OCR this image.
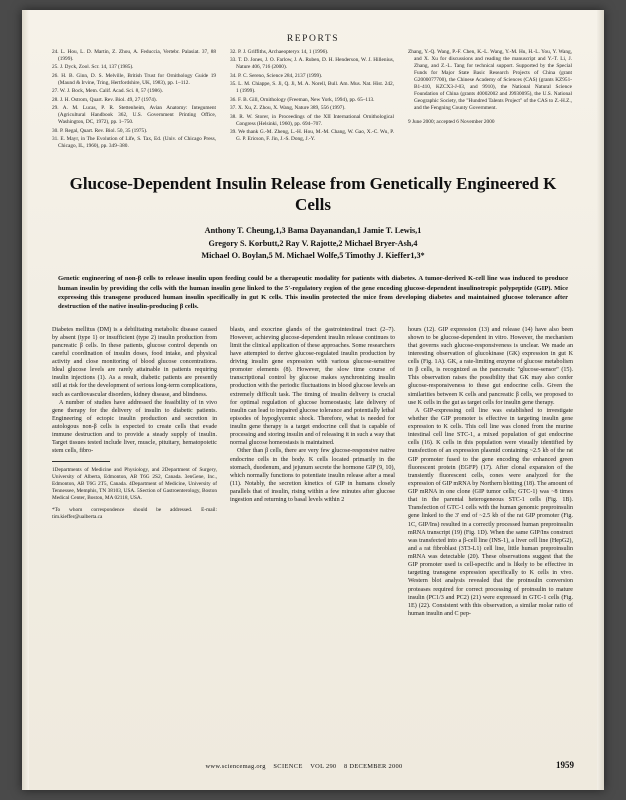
REPORTS

24. L. Hou, L. D. Martin, Z. Zhou, A. Feduccia, Vertebr. Palasiat. 37, 88 (1999).

25. J. Dyck, Zool. Scr. 14, 137 (1985).

26. H. B. Ginn, D. S. Melville, British Trust for Ornithology Guide 19 (Maund & Irvine, Tring, Hertfordshire, UK, 1983), pp. 1–112.

27. W. J. Bock, Mem. Calif. Acad. Sci. 8, 57 (1986).

28. J. H. Ostrom, Quart. Rev. Biol. 49, 27 (1974).

29. A. M. Lucas, P. R. Stettenheim, Avian Anatomy: Integument (Agricultural Handbook 362, U.S. Government Printing Office, Washington, DC, 1972), pp. 1–750.

30. P. Regal, Quart. Rev. Biol. 50, 35 (1975).

31. E. Mayr, in The Evolution of Life, S. Tax, Ed. (Univ. of Chicago Press, Chicago, IL, 1960), pp. 349–380.

32. P. J. Griffiths, Archaeopteryx 14, 1 (1996).

33. T. D. Jones, J. O. Farlow, J. A. Ruben, D. H. Henderson, W. J. Hillenius, Nature 406, 716 (2000).

34. P. C. Sereno, Science 284, 2137 (1999).

35. L. M. Chiappe, S. Ji, Q. Ji, M. A. Norell, Bull. Am. Mus. Nat. Hist. 242, 1 (1999).

36. F. B. Gill, Ornithology (Freeman, New York, 1994), pp. 65–113.

37. X. Xu, Z. Zhou, X. Wang, Nature 389, 556 (1997).

38. R. W. Storer, in Proceedings of the XII International Ornithological Congress (Helsinki, 1960), pp. 694–707.

39. We thank G.-M. Zheng, L.-H. Hou, M.-M. Chang, W. Gao, X.-C. Wu, P. G. P. Ericson, F. Jin, J.-S. Dong, J.-Y.

Zhang, Y.-Q. Wang, P.-F. Chen, K.-L. Wang, Y.-M. Hu, H.-L. You, Y. Wang, and X. Xu for discussions and reading the manuscript and Y.-T. Li, J. Zhang, and Z.-L. Tang for technical support. Supported by the Special Funds for Major State Basic Research Projects of China (grant G2000077700), the Chinese Academy of Sciences (CAS) (grants KZ951-B1-410, KZCX3-J-03, and 9910), the National Natural Science Foundation of China (grants 40002002 and J9930095), the U.S. National Geographic Society, the "Hundred Talents Project" of the CAS to Z.-H.Z., and the Fengning County Government.

9 June 2000; accepted 6 November 2000

Glucose-Dependent Insulin Release from Genetically Engineered K Cells
Anthony T. Cheung,1,3 Bama Dayanandan,1 Jamie T. Lewis,1
Gregory S. Korbutt,2 Ray V. Rajotte,2 Michael Bryer-Ash,4
Michael O. Boylan,5 M. Michael Wolfe,5 Timothy J. Kieffer1,3*
Genetic engineering of non-β cells to release insulin upon feeding could be a therapeutic modality for patients with diabetes. A tumor-derived K-cell line was induced to produce human insulin by providing the cells with the human insulin gene linked to the 5′-regulatory region of the gene encoding glucose-dependent insulinotropic polypeptide (GIP). Mice expressing this transgene produced human insulin specifically in gut K cells. This insulin protected the mice from developing diabetes and maintained glucose tolerance after destruction of the native insulin-producing β cells.

Diabetes mellitus (DM) is a debilitating metabolic disease caused by absent (type 1) or insufficient (type 2) insulin production from pancreatic β cells. In these patients, glucose control depends on careful coordination of insulin doses, food intake, and physical activity and close monitoring of blood glucose concentrations. Ideal glucose levels are rarely attainable in patients requiring insulin injections (1). As a result, diabetic patients are presently still at risk for the development of serious long-term complications, such as cardiovascular disorders, kidney disease, and blindness.

A number of studies have addressed the feasibility of in vivo gene therapy for the delivery of insulin to diabetic patients. Engineering of ectopic insulin production and secretion in autologous non-β cells is expected to create cells that evade immune destruction and to provide a steady supply of insulin. Target tissues tested include liver, muscle, pituitary, hematopoietic stem cells, fibro-

1Departments of Medicine and Physiology, and 2Department of Surgery, University of Alberta, Edmonton, AB T6G 2S2, Canada. 3enGene, Inc., Edmonton, AB T6G 2T5, Canada. 4Department of Medicine, University of Tennessee, Memphis, TN 38103, USA. 5Section of Gastroenterology, Boston Medical Center, Boston, MA 02118, USA.
*To whom correspondence should be addressed. E-mail: tim.kieffer@ualberta.ca

blasts, and exocrine glands of the gastrointestinal tract (2–7). However, achieving glucose-dependent insulin release continues to limit the clinical application of these approaches. Some researchers have attempted to derive glucose-regulated insulin production by driving insulin gene expression with various glucose-sensitive promoter elements (8). However, the slow time course of transcriptional control by glucose makes synchronizing insulin production with the periodic fluctuations in blood glucose levels an extremely difficult task. The timing of insulin delivery is crucial for optimal regulation of glucose homeostasis; late delivery of insulin can lead to impaired glucose tolerance and potentially lethal episodes of hypoglycemic shock. Therefore, what is needed for insulin gene therapy is a target endocrine cell that is capable of processing and storing insulin and of releasing it in such a way that normal glucose homeostasis is maintained.

Other than β cells, there are very few glucose-responsive native endocrine cells in the body. K cells located primarily in the stomach, duodenum, and jejunum secrete the hormone GIP (9, 10), which normally functions to potentiate insulin release after a meal (11). Notably, the secretion kinetics of GIP in humans closely parallels that of insulin, rising within a few minutes after glucose ingestion and returning to basal levels within 2

hours (12). GIP expression (13) and release (14) have also been shown to be glucose-dependent in vitro. However, the mechanism that governs such glucose-responsiveness is unclear. We made an interesting observation of glucokinase (GK) expression in gut K cells (Fig. 1A). GK, a rate-limiting enzyme of glucose metabolism in β cells, is recognized as the pancreatic "glucose-sensor" (15). This observation raises the possibility that GK may also confer glucose-responsiveness to these gut endocrine cells. Given the similarities between K cells and pancreatic β cells, we proposed to use K cells in the gut as target cells for insulin gene therapy.

A GIP-expressing cell line was established to investigate whether the GIP promoter is effective in targeting insulin gene expression to K cells. This cell line was cloned from the murine intestinal cell line STC-1, a mixed population of gut endocrine cells (16). K cells in this population were visually identified by transfection of an expression plasmid containing ~2.5 kb of the rat GIP promoter fused to the gene encoding the enhanced green fluorescent protein (EGFP) (17). After clonal expansion of the transiently fluorescent cells, cones were analyzed for the expression of GIP mRNA by Northern blotting (18). The amount of GIP mRNA in one clone (GIP tumor cells; GTC-1) was ~8 times that in the parental heterogeneous STC-1 cells (Fig. 1B). Transfection of GTC-1 cells with the human genomic preproinsulin gene linked to the 3′ end of ~2.5 kb of the rat GIP promoter (Fig. 1C, GIP/Ins) resulted in a correctly processed human preproinsulin mRNA transcript (19) (Fig. 1D). When the same GIP/Ins construct was transfected into a β-cell line (INS-1), a liver cell line (HepG2), and a rat fibroblast (3T3-L1) cell line, little human preproinsulin mRNA was detectable (20). These observations suggest that the GIP promoter used is cell-specific and is likely to be effective in targeting transgene expression specifically to K cells in vivo. Western blot analysis revealed that the proinsulin conversion proteases required for correct processing of proinsulin to mature insulin (PC1/3 and PC2) (21) were expressed in GTC-1 cells (Fig. 1E) (22). Consistent with this observation, a similar molar ratio of human insulin and C pep-

www.sciencemag.org SCIENCE VOL 290 8 DECEMBER 2000	1959
